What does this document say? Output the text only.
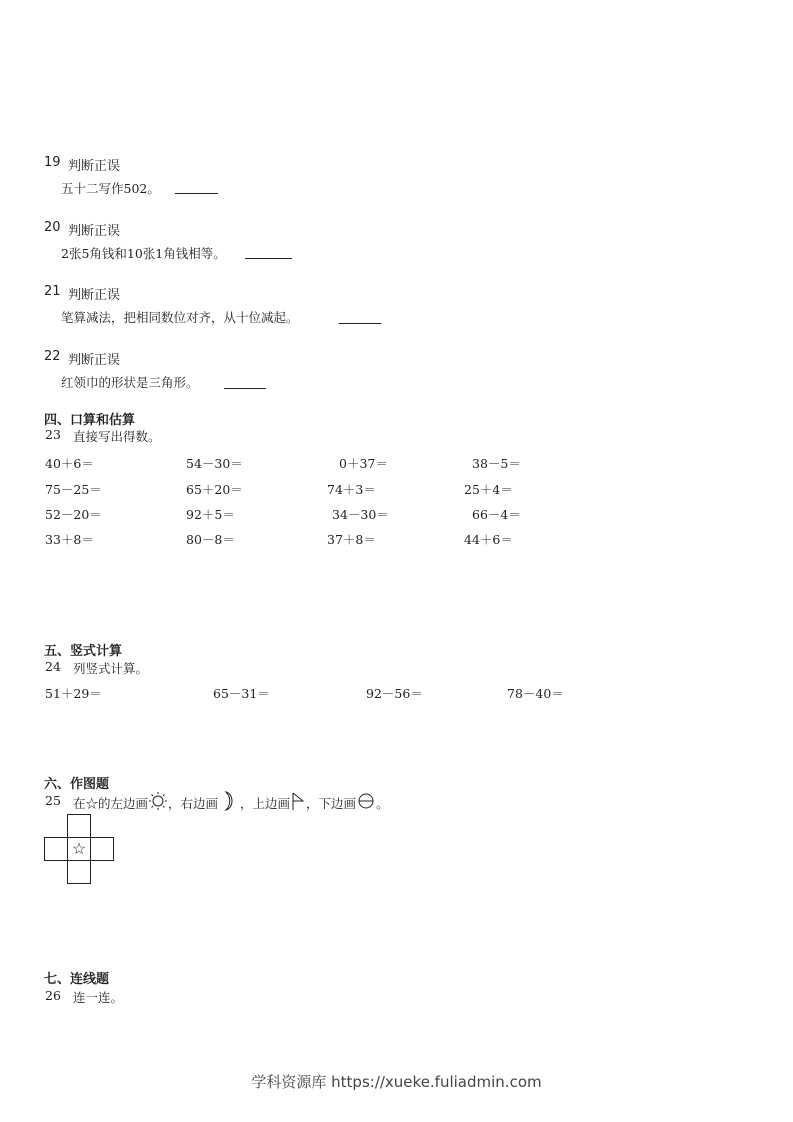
19 判断正误
五十二写作502。
20 判断正误
2张5角钱和10张1角钱相等。
21 判断正误
笔算减法，把相同数位对齐，从十位减起。
22 判断正误
红领巾的形状是三角形。
四、口算和估算
23 直接写出得数。
40＋6＝	54－30＝	0＋37＝	38－5＝
75－25＝	65＋20＝	74＋3＝	25＋4＝
52－20＝	92＋5＝	34－30＝	66－4＝
33＋8＝	80－8＝	37＋8＝	44＋6＝
五、竖式计算
24 列竖式计算。
51＋29＝	65－31＝	92－56＝	78－40＝
六、作图题
25 在☆的左边画 ，右边画 ，上边画 ，下边画 。
☆
七、连线题
26 连一连。
学科资源库 https://xueke.fuliadmin.com
